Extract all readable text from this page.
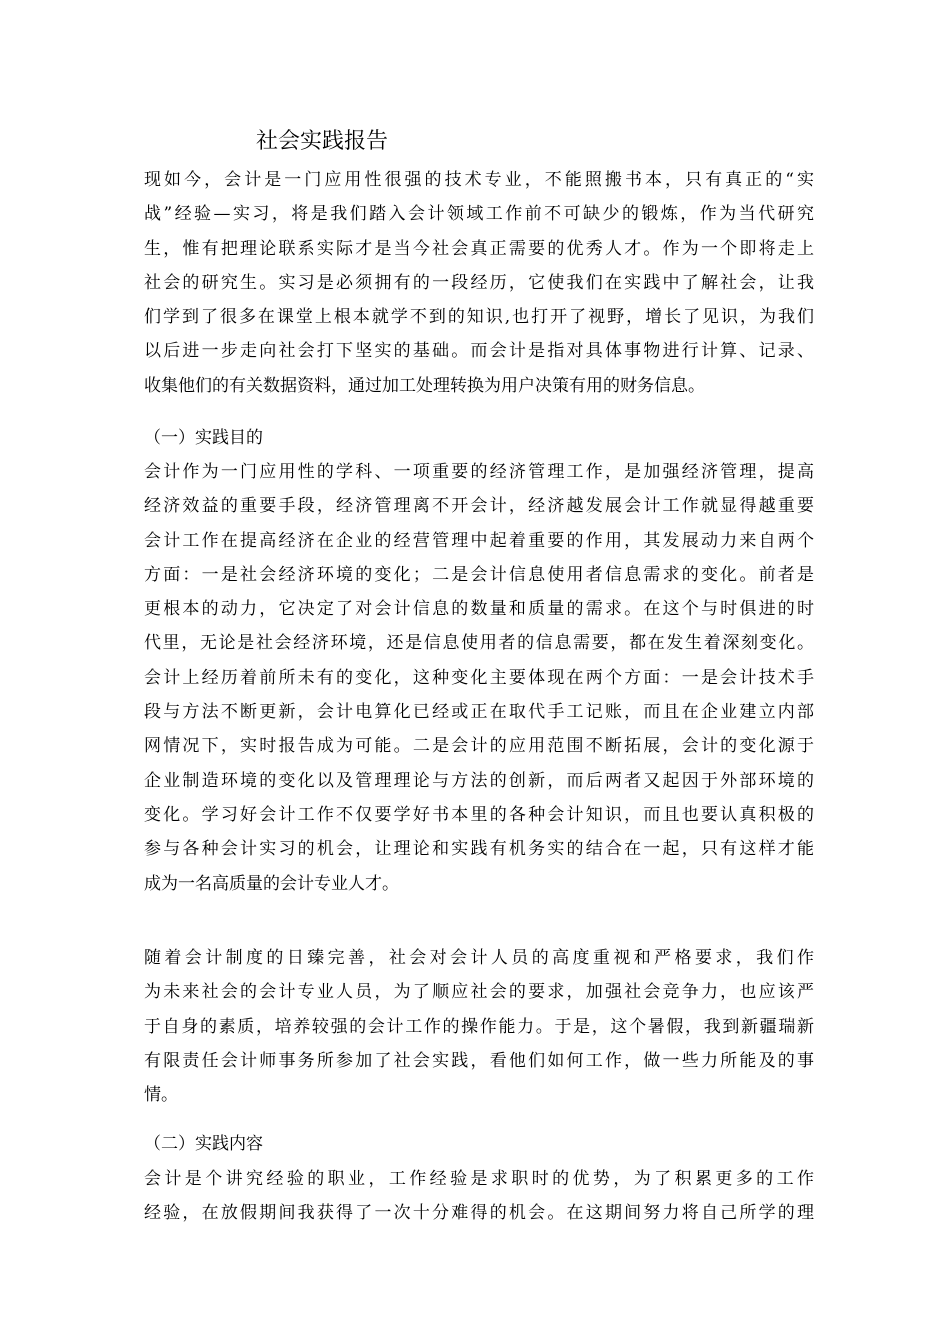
社会实践报告
现如今，会计是一门应用性很强的技术专业，不能照搬书本，只有真正的“实
战”经验—实习，将是我们踏入会计领域工作前不可缺少的锻炼，作为当代研究
生，惟有把理论联系实际才是当今社会真正需要的优秀人才。作为一个即将走上
社会的研究生。实习是必须拥有的一段经历，它使我们在实践中了解社会，让我
们学到了很多在课堂上根本就学不到的知识,也打开了视野，增长了见识，为我们
以后进一步走向社会打下坚实的基础。而会计是指对具体事物进行计算、记录、
收集他们的有关数据资料，通过加工处理转换为用户决策有用的财务信息。
（一）实践目的
会计作为一门应用性的学科、一项重要的经济管理工作，是加强经济管理，提高
经济效益的重要手段，经济管理离不开会计，经济越发展会计工作就显得越重要
会计工作在提高经济在企业的经营管理中起着重要的作用，其发展动力来自两个
方面：一是社会经济环境的变化；二是会计信息使用者信息需求的变化。前者是
更根本的动力，它决定了对会计信息的数量和质量的需求。在这个与时俱进的时
代里，无论是社会经济环境，还是信息使用者的信息需要，都在发生着深刻变化。
会计上经历着前所未有的变化，这种变化主要体现在两个方面：一是会计技术手
段与方法不断更新，会计电算化已经或正在取代手工记账，而且在企业建立内部
网情况下，实时报告成为可能。二是会计的应用范围不断拓展，会计的变化源于
企业制造环境的变化以及管理理论与方法的创新，而后两者又起因于外部环境的
变化。学习好会计工作不仅要学好书本里的各种会计知识，而且也要认真积极的
参与各种会计实习的机会，让理论和实践有机务实的结合在一起，只有这样才能
成为一名高质量的会计专业人才。
随着会计制度的日臻完善，社会对会计人员的高度重视和严格要求，我们作
为未来社会的会计专业人员，为了顺应社会的要求，加强社会竞争力，也应该严
于自身的素质，培养较强的会计工作的操作能力。于是，这个暑假，我到新疆瑞新
有限责任会计师事务所参加了社会实践，看他们如何工作，做一些力所能及的事
情。
（二）实践内容
会计是个讲究经验的职业，工作经验是求职时的优势，为了积累更多的工作
经验，在放假期间我获得了一次十分难得的机会。在这期间努力将自己所学的理
